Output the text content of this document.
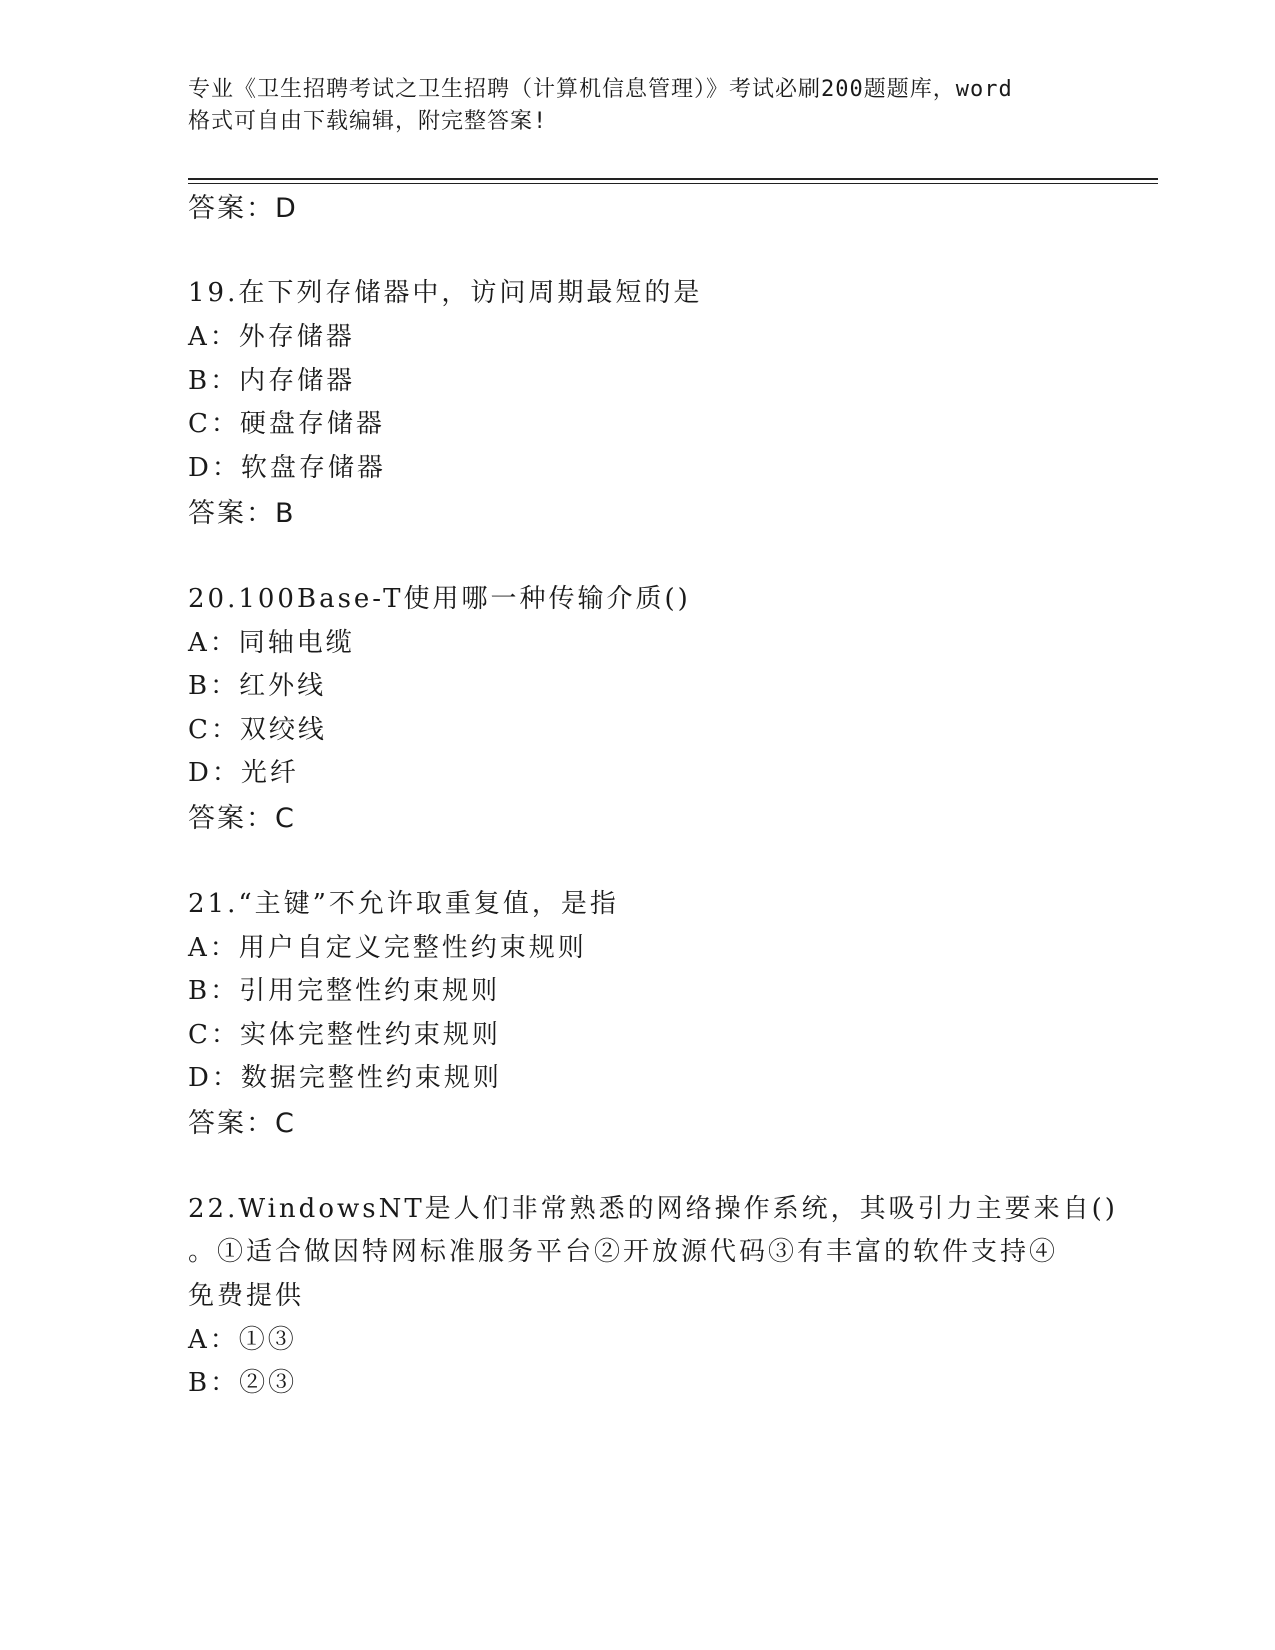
专业《卫生招聘考试之卫生招聘（计算机信息管理）》考试必刷200题题库，word
格式可自由下载编辑，附完整答案!
答案：D
19.在下列存储器中，访问周期最短的是
A：外存储器
B：内存储器
C：硬盘存储器
D：软盘存储器
答案：B
20.100Base-T使用哪一种传输介质()
A：同轴电缆
B：红外线
C：双绞线
D：光纤
答案：C
21.“主键”不允许取重复值，是指
A：用户自定义完整性约束规则
B：引用完整性约束规则
C：实体完整性约束规则
D：数据完整性约束规则
答案：C
22.WindowsNT是人们非常熟悉的网络操作系统，其吸引力主要来自()
。①适合做因特网标准服务平台②开放源代码③有丰富的软件支持④
免费提供
A：①③
B：②③
